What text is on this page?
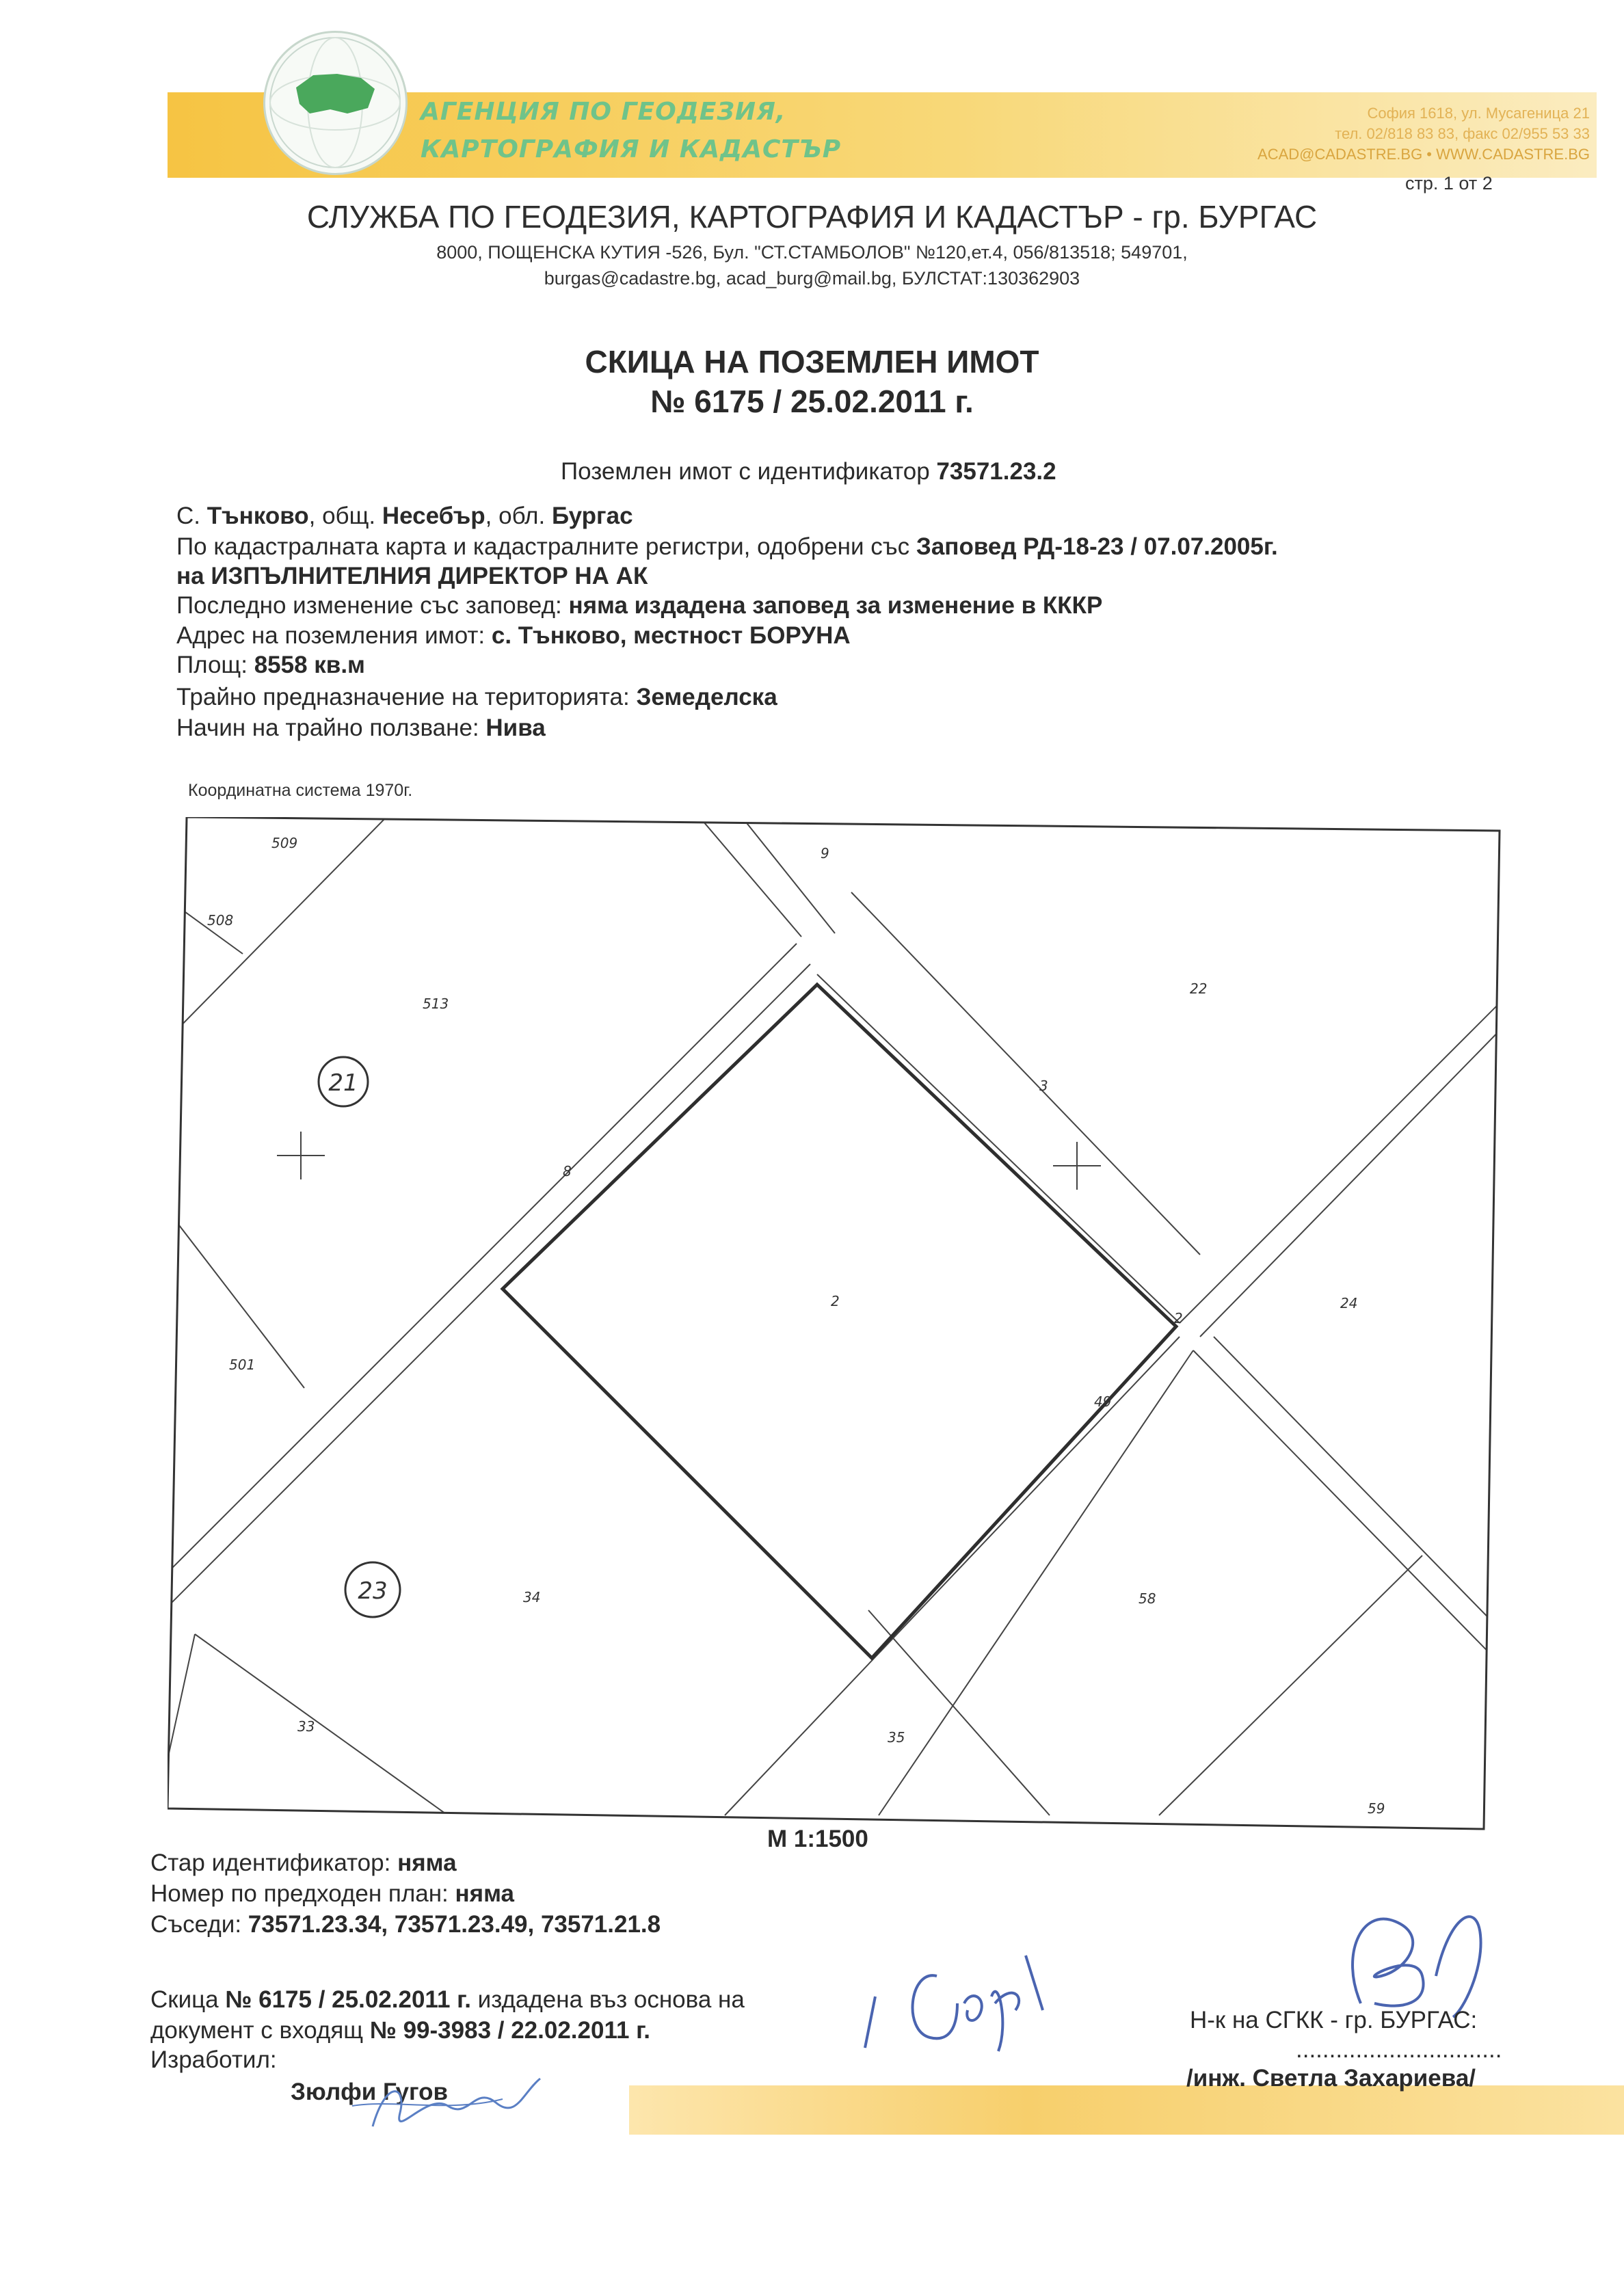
АГЕНЦИЯ ПО ГЕОДЕЗИЯ,
КАРТОГРАФИЯ И КАДАСТЪР
София 1618, ул. Мусагеница 21
тел. 02/818 83 83, факс 02/955 53 33
ACAD@CADASTRE.BG • WWW.CADASTRE.BG
стр. 1 от 2
СЛУЖБА ПО ГЕОДЕЗИЯ, КАРТОГРАФИЯ И КАДАСТЪР - гр. БУРГАС
8000, ПОЩЕНСКА КУТИЯ -526, Бул. "СТ.СТАМБОЛОВ" №120,ет.4, 056/813518; 549701,
burgas@cadastre.bg, acad_burg@mail.bg, БУЛСТАТ:130362903
СКИЦА НА ПОЗЕМЛЕН ИМОТ
№ 6175 / 25.02.2011 г.
Поземлен имот с идентификатор 73571.23.2
С. Тънково, общ. Несебър, обл. Бургас
По кадастралната карта и кадастралните регистри, одобрени със Заповед РД-18-23 / 07.07.2005г.
на ИЗПЪЛНИТЕЛНИЯ ДИРЕКТОР НА АК
Последно изменение със заповед: няма издадена заповед за изменение в КККР
Адрес на поземления имот: с. Тънково, местност БОРУНА
Площ: 8558 кв.м
Трайно предназначение на територията: Земеделска
Начин на трайно ползване: Нива
Координатна система 1970г.
21
23
509
508
513
9
22
3
8
2	24
501
49
34	58
33
35
59
2
М 1:1500
Стар идентификатор: няма
Номер по предходен план: няма
Съседи: 73571.23.34, 73571.23.49, 73571.21.8
Скица № 6175 / 25.02.2011 г. издадена въз основа на
документ с входящ № 99-3983 / 22.02.2011 г.
Изработил:
Зюлфи Гугов
Н-к на СГКК - гр. БУРГАС:
...............................
/инж. Светла Захариева/
